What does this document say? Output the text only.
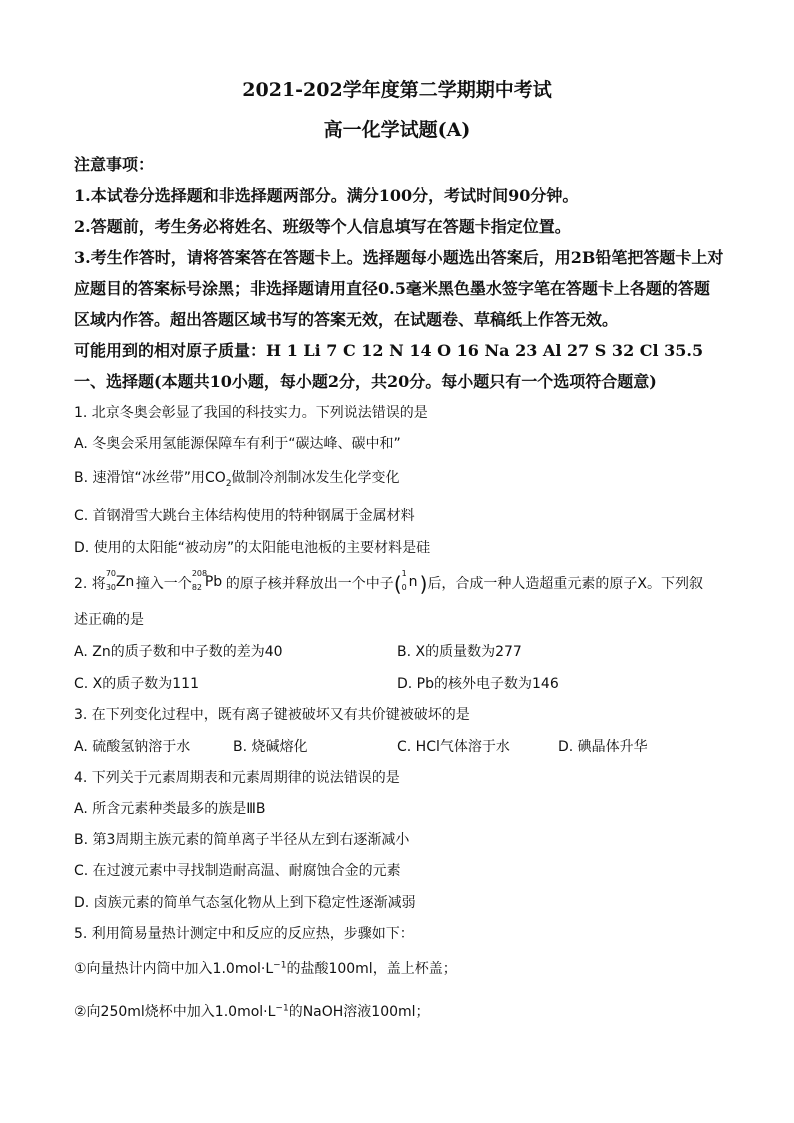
2021-202学年度第二学期期中考试
高一化学试题(A)
注意事项：
1.本试卷分选择题和非选择题两部分。满分100分，考试时间90分钟。
2.答题前，考生务必将姓名、班级等个人信息填写在答题卡指定位置。
3.考生作答时，请将答案答在答题卡上。选择题每小题选出答案后，用2B铅笔把答题卡上对
应题目的答案标号涂黑；非选择题请用直径0.5毫米黑色墨水签字笔在答题卡上各题的答题
区域内作答。超出答题区域书写的答案无效，在试题卷、草稿纸上作答无效。
可能用到的相对原子质量：H 1 Li 7 C 12 N 14 O 16 Na 23 Al 27 S 32 Cl 35.5
一、选择题(本题共10小题，每小题2分，共20分。每小题只有一个选项符合题意)
1. 北京冬奥会彰显了我国的科技实力。下列说法错误的是
A. 冬奥会采用氢能源保障车有利于“碳达峰、碳中和”
B. 速滑馆“冰丝带”用$CO_2$做制冷剂制冰发生化学变化
C. 首钢滑雪大跳台主体结构使用的特种钢属于金属材料
D. 使用的太阳能“被动房”的太阳能电池板的主要材料是硅
2. 将
70
30 Zn 撞入一个
208
82 Pb 的原子核并释放出一个中子( 1
0 n )后，合成一种人造超重元素的原子X。下列叙
述正确的是
A. Zn的质子数和中子数的差为40	B. X的质量数为277
C. X的质子数为111	D. Pb的核外电子数为146
3. 在下列变化过程中，既有离子键被破坏又有共价键被破坏的是
A. 硫酸氢钠溶于水	B. 烧碱熔化	C. HCl气体溶于水	D. 碘晶体升华
4. 下列关于元素周期表和元素周期律的说法错误的是
A. 所含元素种类最多的族是ⅢB
B. 第3周期主族元素的简单离子半径从左到右逐渐减小
C. 在过渡元素中寻找制造耐高温、耐腐蚀合金的元素
D. 卤族元素的简单气态氢化物从上到下稳定性逐渐减弱
5. 利用简易量热计测定中和反应的反应热，步骤如下：
①向量热计内筒中加入$1.0mol\cdot L^{-1}$的盐酸100ml，盖上杯盖；
②向250ml烧杯中加入$1.0mol\cdot L^{-1}$的NaOH溶液100ml；
